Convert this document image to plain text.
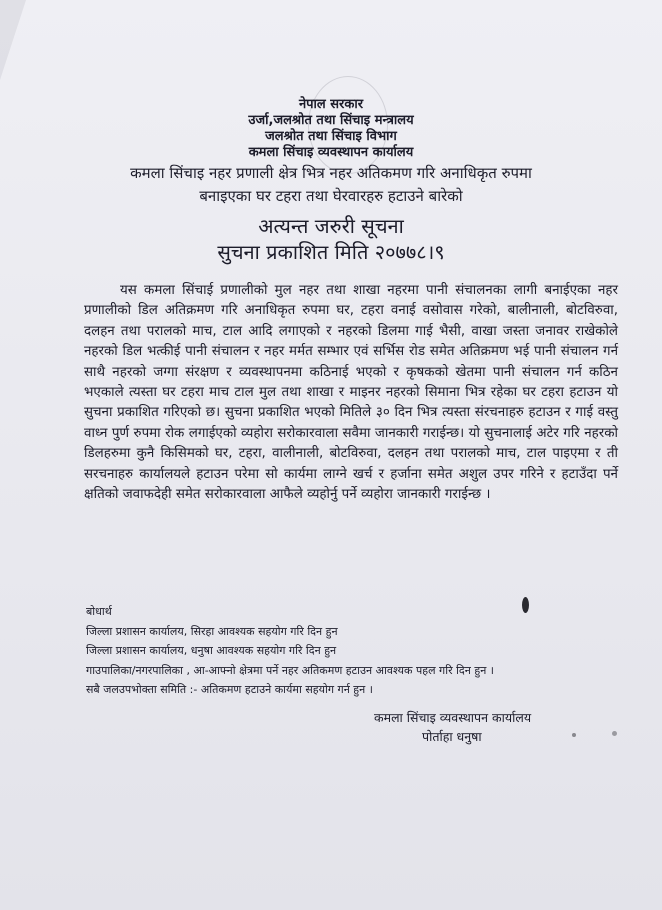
नेपाल सरकार
उर्जा,जलश्रोत तथा सिंचाइ मन्त्रालय
जलश्रोत तथा सिंचाइ विभाग
कमला सिंचाइ व्यवस्थापन कार्यालय
कमला सिंचाइ नहर प्रणाली क्षेत्र भित्र नहर अतिकमण गरि अनाधिकृत रुपमा
बनाइएका घर टहरा तथा घेरवारहरु हटाउने बारेको
अत्यन्त जरुरी सूचना
सुचना प्रकाशित मिति २०७७८।९
यस कमला सिंचाई प्रणालीको मुल नहर तथा शाखा नहरमा पानी संचालनका लागी बनाईएका नहर प्रणालीको डिल अतिक्रमण गरि अनाधिकृत रुपमा घर, टहरा वनाई वसोवास गरेको, बालीनाली, बोटविरुवा, दलहन तथा परालको माच, टाल आदि लगाएको र नहरको डिलमा गाई भैसी, वाखा जस्ता जनावर राखेकोले नहरको डिल भत्कीई पानी संचालन र नहर मर्मत सम्भार एवं सर्भिस रोड समेत अतिक्रमण भई पानी संचालन गर्न साथै नहरको जग्गा संरक्षण र व्यवस्थापनमा कठिनाई भएको र कृषकको खेतमा पानी संचालन गर्न कठिन भएकाले त्यस्ता घर टहरा माच टाल मुल तथा शाखा र माइनर नहरको सिमाना भित्र रहेका घर टहरा हटाउन यो सुचना प्रकाशित गरिएको छ। सुचना प्रकाशित भएको मितिले ३० दिन भित्र त्यस्ता संरचनाहरु हटाउन र गाई वस्तु वाध्न पुर्ण रुपमा रोक लगाईएको व्यहोरा सरोकारवाला सवैमा जानकारी गराईन्छ। यो सुचनालाई अटेर गरि नहरको डिलहरुमा कुनै किसिमको घर, टहरा, वालीनाली, बोटविरुवा, दलहन तथा परालको माच, टाल पाइएमा र ती सरचनाहरु कार्यालयले हटाउन परेमा सो कार्यमा लाग्ने खर्च र हर्जाना समेत अशुल उपर गरिने र हटाउँदा पर्ने क्षतिको जवाफदेही समेत सरोकारवाला आफैले व्यहोर्नु पर्ने व्यहोरा जानकारी गराईन्छ ।
बोधार्थ
जिल्ला प्रशासन कार्यालय, सिरहा आवश्यक सहयोग गरि दिन हुन
जिल्ला प्रशासन कार्यालय, धनुषा आवश्यक सहयोग गरि दिन हुन
गाउपालिका/नगरपालिका , आ-आफ्नो क्षेत्रमा पर्ने नहर अतिकमण हटाउन आवश्यक पहल गरि दिन हुन ।
सबै जलउपभोक्ता समिति :- अतिकमण हटाउने कार्यमा सहयोग गर्न हुन ।
कमला सिंचाइ व्यवस्थापन कार्यालय
पोर्ताहा धनुषा
